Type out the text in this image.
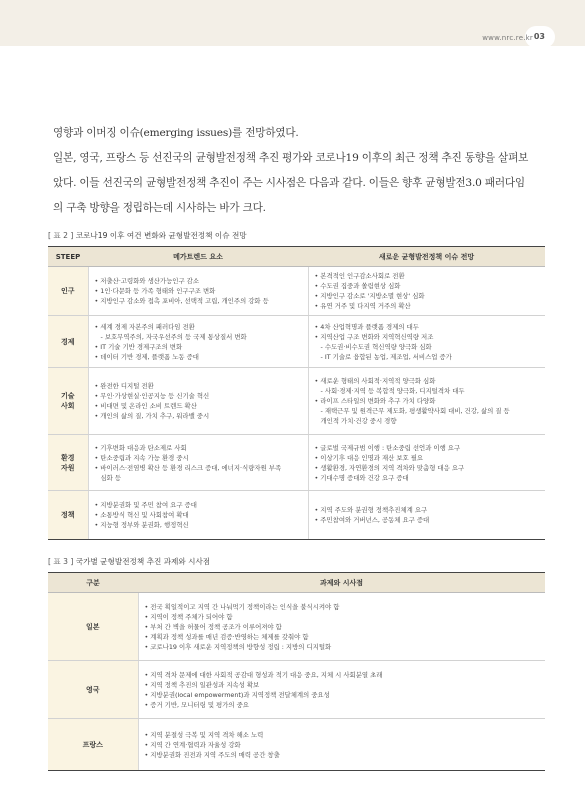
www.nrc.re.kr 03

영향과 이머징 이슈(emerging issues)를 전망하였다.

일본, 영국, 프랑스 등 선진국의 균형발전정책 추진 평가와 코로나19 이후의 최근 정책 추진 동향을 살펴보

았다. 이들 선진국의 균형발전정책 추진이 주는 시사점은 다음과 같다. 이들은 향후 균형발전3.0 패러다임

의 구축 방향을 정립하는데 시사하는 바가 크다.

[ 표 2 ] 코로나19 이후 여건 변화와 균형발전정책 이슈 전망
STEEP	메가트렌드 요소	새로운 균형발전정책 이슈 전망

인구	• 저출산·고령화와 생산가능인구 감소
• 1인·다문화 등 가족 형태와 인구구조 변화
• 지방인구 감소와 접촉 포비아, 선택적 고립, 개인주의 강화 등	• 본격적인 인구감소사회로 전환
• 수도권 집중과 쏠림현상 심화
• 지방인구 감소로 '지방소멸 현상' 심화
• 유연 거주 및 다지역 거주의 확산

경제	• 세계 경제 자본주의 패러다임 전환
- 보호무역주의, 자국우선주의 등 국제 통상질서 변화
• IT 기술 기반 경제구조의 변화
• 데이터 기반 경제, 플랫폼 노동 증대	• 4차 산업혁명과 플랫폼 경제의 대두
• 지역산업 구조 변화와 지역혁신역량 저조
- 수도권·비수도권 혁신역량 양극화 심화
- IT 기술로 융합된 농업, 제조업, 서비스업 증가

기술
사회	• 완전한 디지털 전환
• 무인·가상현실·인공지능 등 신기술 혁신
• 비대면 및 온라인 소비 트렌드 확산
• 개인의 삶의 질, 가치 추구, 워라밸 중시	• 새로운 형태의 사회적·지역적 양극화 심화
- 사회·경제·지역 등 복합적 양극화, 디지털격차 대두
• 라이프 스타일의 변화와 추구 가치 다양화
- 재택근무 및 원격근무 제도화, 평생활약사회 대비, 건강, 삶의 질 등
개인적 가치·건강 중시 경향

환경
자원	• 기후변화 대응과 탄소제로 사회
• 탄소중립과 지속 가능 환경 중시
• 바이러스·전염병 확산 등 환경 리스크 증대, 에너지·식량자원 부족
심화 등	• 글로벌 국제규범 이행 : 탄소중립 선언과 이행 요구
• 이상기후 대응 인명과 재산 보호 필요
• 생활환경, 자연환경의 지역 격차와 맞춤형 대응 요구
• 기대수명 증대와 건강 요구 증대

정책	• 지방분권화 및 주민 참여 요구 증대
• 소통방식 혁신 및 사회참여 확대
• 지능형 정부와 분권화, 행정혁신	• 지역 주도와 분권형 정책추진체계 요구
• 주민참여와 거버넌스, 공동체 요구 증대
[ 표 3 ] 국가별 균형발전정책 추진 과제와 시사점
구분	과제와 시사점
일본	• 전국 획일적이고 지역 간 나눠먹기 정책이라는 인식을 불식시켜야 함
• 지역이 정책 주체가 되어야 함
• 부처 간 벽을 허물어 정책 공조가 이루어져야 함
• 계획과 정책 성과를 매년 검증·반영하는 체제를 갖춰야 함
• 코로나19 이후 새로운 지역정책의 방향성 정립 : 지방의 디지털화

영국	• 지역 격차 문제에 대한 사회적 공감대 형성과 적기 대응 중요, 지체 시 사회분열 초래
• 지역 정책 추진의 일관성과 지속성 확보
• 지방분권(local empowerment)과 지역정책 전달체계의 중요성
• 증거 기반, 모니터링 및 평가의 중요

프랑스	• 지역 분절성 극복 및 지역 격차 해소 노력
• 지역 간 연계·협력과 자율성 강화
• 지방분권화 진전과 지역 주도의 매력 공간 창출
